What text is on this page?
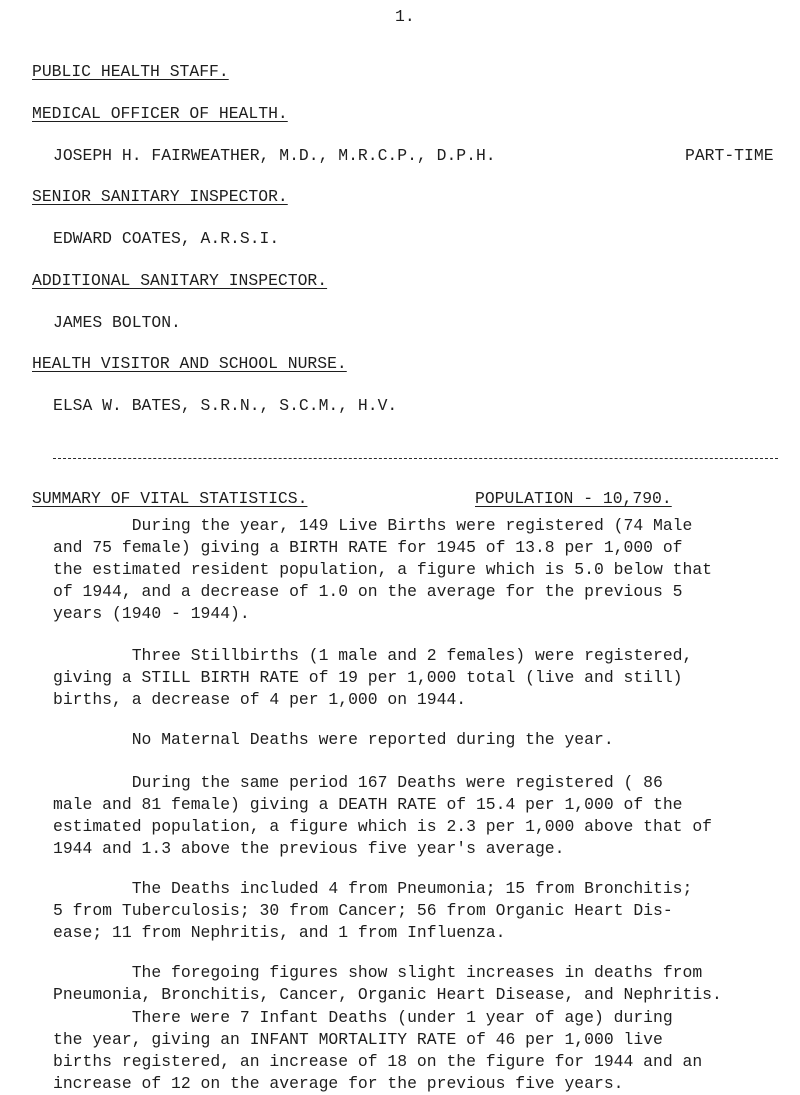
1.
PUBLIC HEALTH STAFF.
MEDICAL OFFICER OF HEALTH.
JOSEPH H. FAIRWEATHER, M.D., M.R.C.P., D.P.H.	PART-TIME
SENIOR SANITARY INSPECTOR.
EDWARD COATES, A.R.S.I.
ADDITIONAL SANITARY INSPECTOR.
JAMES BOLTON.
HEALTH VISITOR AND SCHOOL NURSE.
ELSA W. BATES, S.R.N., S.C.M., H.V.
SUMMARY OF VITAL STATISTICS.	POPULATION - 10,790.

During the year, 149 Live Births were registered (74 Male

and 75 female) giving a BIRTH RATE for 1945 of 13.8 per 1,000 of

the estimated resident population, a figure which is 5.0 below that

of 1944, and a decrease of 1.0 on the average for the previous 5

years (1940 - 1944).

Three Stillbirths (1 male and 2 females) were registered,

giving a STILL BIRTH RATE of 19 per 1,000 total (live and still)

births, a decrease of 4 per 1,000 on 1944.

No Maternal Deaths were reported during the year.

During the same period 167 Deaths were registered ( 86

male and 81 female) giving a DEATH RATE of 15.4 per 1,000 of the

estimated population, a figure which is 2.3 per 1,000 above that of

1944 and 1.3 above the previous five year's average.

The Deaths included 4 from Pneumonia; 15 from Bronchitis;

5 from Tuberculosis; 30 from Cancer; 56 from Organic Heart Dis-

ease; 11 from Nephritis, and 1 from Influenza.

The foregoing figures show slight increases in deaths from

Pneumonia, Bronchitis, Cancer, Organic Heart Disease, and Nephritis.

There were 7 Infant Deaths (under 1 year of age) during

the year, giving an INFANT MORTALITY RATE of 46 per 1,000 live

births registered, an increase of 18 on the figure for 1944 and an

increase of 12 on the average for the previous five years.
